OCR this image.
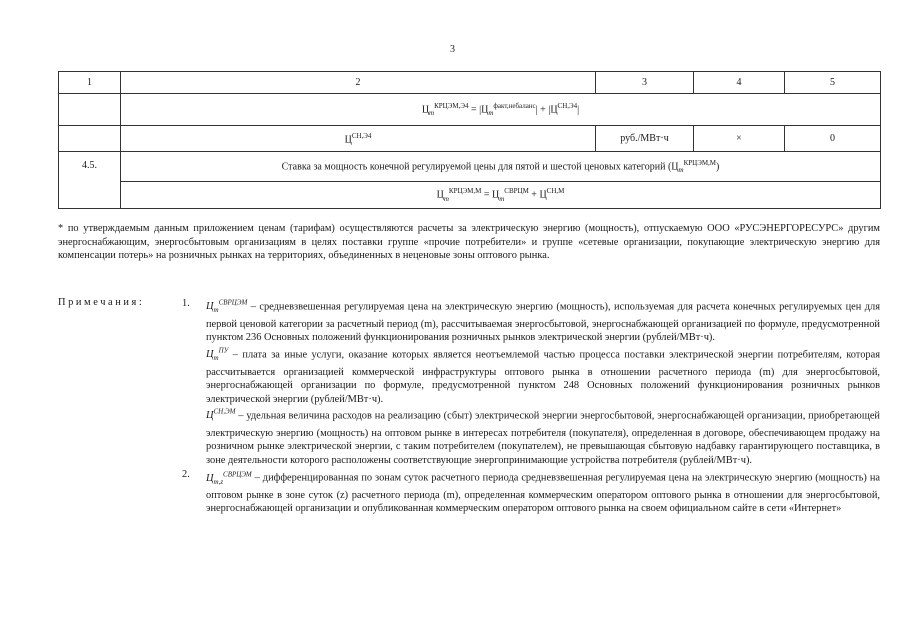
3
1	2	3	4	5
	$Ц_m^{КРЦЭМ,Э4} = |Ц_m^{факт,небаланс}| + |Ц^{СН,Э4}|$			
	$Ц^{СН,Э4}$	руб./МВт·ч	×	0
4.5.	Ставка за мощность конечной регулируемой цены для пятой и шестой ценовых категорий $(Ц_m^{КРЦЭМ,М})$			
	$Ц_m^{КРЦЭМ,М} = Ц_m^{СВРЦМ} + Ц^{СН,М}$

* по утверждаемым данным приложением ценам (тарифам) осуществляются расчеты за электрическую энергию (мощность), отпускаемую ООО «РУСЭНЕРГОРЕСУРС» другим энергоснабжающим, энергосбытовым организациям в целях поставки группе «прочие потребители» и группе «сетевые организации, покупающие электрическую энергию для компенсации потерь» на розничных рынках на территориях, объединенных в неценовые зоны оптового рынка.

Примечания:	1. $Ц_m^{СВРЦЭМ}$ – средневзвешенная регулируемая цена на электрическую энергию (мощность), используемая для расчета конечных регулируемых цен для первой ценовой категории за расчетный период (m), рассчитываемая энергосбытовой, энергоснабжающей организацией по формуле, предусмотренной пунктом 236 Основных положений функционирования розничных рынков электрической энергии (рублей/МВт·ч).

$Ц_m^{ПУ}$ – плата за иные услуги, оказание которых является неотъемлемой частью процесса поставки электрической энергии потребителям, которая рассчитывается организацией коммерческой инфраструктуры оптового рынка в отношении расчетного периода (m) для энергосбытовой, энергоснабжающей организации по формуле, предусмотренной пунктом 248 Основных положений функционирования розничных рынков электрической энергии (рублей/МВт·ч).

$Ц^{СН,ЭМ}$ – удельная величина расходов на реализацию (сбыт) электрической энергии энергосбытовой, энергоснабжающей организации, приобретающей электрическую энергию (мощность) на оптовом рынке в интересах потребителя (покупателя), определенная в договоре, обеспечивающем продажу на розничном рынке электрической энергии, с таким потребителем (покупателем), не превышающая сбытовую надбавку гарантирующего поставщика, в зоне деятельности которого расположены соответствующие энергопринимающие устройства потребителя (рублей/МВт·ч).

2. $Ц_{m,z}^{СВРЦЭМ}$ – дифференцированная по зонам суток расчетного периода средневзвешенная регулируемая цена на электрическую энергию (мощность) на оптовом рынке в зоне суток (z) расчетного периода (m), определенная коммерческим оператором оптового рынка в отношении для энергосбытовой, энергоснабжающей организации и опубликованная коммерческим оператором оптового рынка на своем официальном сайте в сети «Интернет»
